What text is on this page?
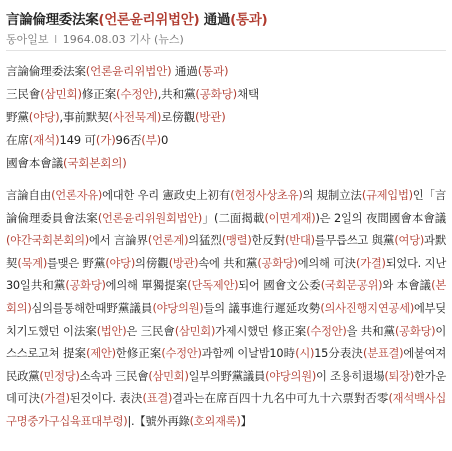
言論倫理委法案(언론윤리위법안) 通過(통과)
동아일보 I 1964.08.03 기사 (뉴스)
言論倫理委法案(언론윤리위법안) 通過(통과)
三民會(삼민회)修正案(수정안),共和黨(공화당)채택
野黨(야당),事前默契(사전묵계)로傍觀(방관)
在席(재석)149 可(가)96否(부)0
國會本會議(국회본회의)
言論自由(언론자유)에대한 우리 憲政史上初有(헌정사상초유)의 規制立法(규제입법)인「言論倫理委員會法案(언론윤리위원회법안)」(二面揭載(이면게재))은 2일의 夜間國會本會議(야간국회본회의)에서 言論界(언론계)의猛烈(맹렬)한反對(반대)를무릅쓰고 與黨(여당)과默契(묵계)를맺은 野黨(야당)의傍觀(방관)속에 共和黨(공화당)에의해 可決(가결)되었다. 지난30일共和黨(공화당)에의해 單獨提案(단독제안)되어 國會文公委(국회문공위)와 本會議(본회의)심의를통해한때野黨議員(야당의원)들의 議事進行遲延攻勢(의사진행지연공세)에부딪치기도했던 이法案(법안)은 三民會(삼민회)가제시했던 修正案(수정안)을 共和黨(공화당)이스스로고쳐 提案(제안)한修正案(수정안)과함께 이날밤10時(시)15分表決(분표결)에붙여져 民政黨(민정당)소속과 三民會(삼민회)일부의野黨議員(야당의원)이 조용히退場(퇴장)한가운데可決(가결)된것이다. 表決(표결)결과는在席百四十九名中可九十六票對否零(재석백사십구명중가구십육표대부령)|.【號外再錄(호외재록)】
